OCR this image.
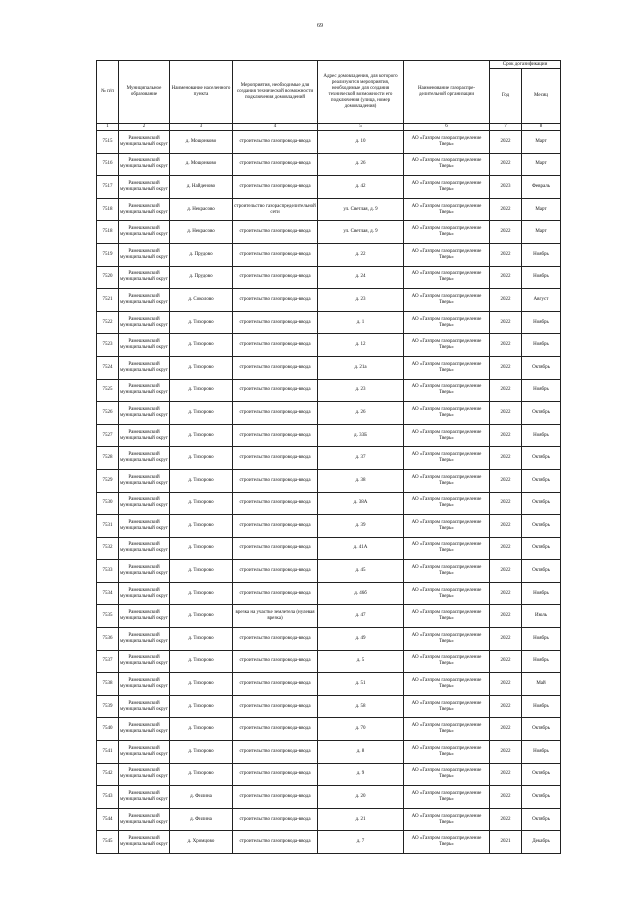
69
№ п/п	Муниципальное образование	Наименование населенного пункта	Мероприятия, необходимые для создания технической возможности подключения домовладений	Адрес домовладения, для которого реализуются мероприятия, необходимые для создания технической возможности его подключения (улица, номер домовладения)	Наименование газораспре-делительной организации	Срок догазификации	
						Год	Месяц
1	2	3	4	5	6	7	8
7515	Рамешковский муниципальный округ	д. Мощонково	строительство газопровода-ввода	д. 10	АО «Газпром газораспределение Тверь»	2022	Март
7516	Рамешковский муниципальный округ	д. Мощонково	строительство газопровода-ввода	д. 26	АО «Газпром газораспределение Тверь»	2022	Март
7517	Рамешковский муниципальный округ	д. Найденово	строительство газопровода-ввода	д. 42	АО «Газпром газораспределение Тверь»	2023	Февраль
7518	Рамешковский муниципальный округ	д. Некрасово	строительство газораспределительной сети	ул. Светлая, д. 9	АО «Газпром газораспределение Тверь»	2022	Март
7518	Рамешковский муниципальный округ	д. Некрасово	строительство газопровода-ввода	ул. Светлая, д. 9	АО «Газпром газораспределение Тверь»	2022	Март
7519	Рамешковский муниципальный округ	д. Прудово	строительство газопровода-ввода	д. 22	АО «Газпром газораспределение Тверь»	2022	Ноябрь
7520	Рамешковский муниципальный округ	д. Прудово	строительство газопровода-ввода	д. 24	АО «Газпром газораспределение Тверь»	2022	Ноябрь
7521	Рамешковский муниципальный округ	д. Соколово	строительство газопровода-ввода	д. 23	АО «Газпром газораспределение Тверь»	2022	Август
7522	Рамешковский муниципальный округ	д. Тихорово	строительство газопровода-ввода	д. 1	АО «Газпром газораспределение Тверь»	2022	Ноябрь
7523	Рамешковский муниципальный округ	д. Тихорово	строительство газопровода-ввода	д. 12	АО «Газпром газораспределение Тверь»	2022	Ноябрь
7524	Рамешковский муниципальный округ	д. Тихорово	строительство газопровода-ввода	д. 21а	АО «Газпром газораспределение Тверь»	2022	Октябрь
7525	Рамешковский муниципальный округ	д. Тихорово	строительство газопровода-ввода	д. 23	АО «Газпром газораспределение Тверь»	2022	Ноябрь
7526	Рамешковский муниципальный округ	д. Тихорово	строительство газопровода-ввода	д. 26	АО «Газпром газораспределение Тверь»	2022	Октябрь
7527	Рамешковский муниципальный округ	д. Тихорово	строительство газопровода-ввода	д. 33Б	АО «Газпром газораспределение Тверь»	2022	Ноябрь
7528	Рамешковский муниципальный округ	д. Тихорово	строительство газопровода-ввода	д. 37	АО «Газпром газораспределение Тверь»	2022	Октябрь
7529	Рамешковский муниципальный округ	д. Тихорово	строительство газопровода-ввода	д. 38	АО «Газпром газораспределение Тверь»	2022	Октябрь
7530	Рамешковский муниципальный округ	д. Тихорово	строительство газопровода-ввода	д. 38А	АО «Газпром газораспределение Тверь»	2022	Октябрь
7531	Рамешковский муниципальный округ	д. Тихорово	строительство газопровода-ввода	д. 39	АО «Газпром газораспределение Тверь»	2022	Октябрь
7532	Рамешковский муниципальный округ	д. Тихорово	строительство газопровода-ввода	д. 41А	АО «Газпром газораспределение Тверь»	2022	Октябрь
7533	Рамешковский муниципальный округ	д. Тихорово	строительство газопровода-ввода	д. 45	АО «Газпром газораспределение Тверь»	2022	Октябрь
7534	Рамешковский муниципальный округ	д. Тихорово	строительство газопровода-ввода	д. 46б	АО «Газпром газораспределение Тверь»	2022	Ноябрь
7535	Рамешковский муниципальный округ	д. Тихорово	врезка на участке землетела (нулевая врезка)	д. 47	АО «Газпром газораспределение Тверь»	2022	Июль
7536	Рамешковский муниципальный округ	д. Тихорово	строительство газопровода-ввода	д. 49	АО «Газпром газораспределение Тверь»	2022	Ноябрь
7537	Рамешковский муниципальный округ	д. Тихорово	строительство газопровода-ввода	д. 5	АО «Газпром газораспределение Тверь»	2022	Ноябрь
7538	Рамешковский муниципальный округ	д. Тихорово	строительство газопровода-ввода	д. 51	АО «Газпром газораспределение Тверь»	2022	Май
7539	Рамешковский муниципальный округ	д. Тихорово	строительство газопровода-ввода	д. 58	АО «Газпром газораспределение Тверь»	2022	Ноябрь
7540	Рамешковский муниципальный округ	д. Тихорово	строительство газопровода-ввода	д. 70	АО «Газпром газораспределение Тверь»	2022	Октябрь
7541	Рамешковский муниципальный округ	д. Тихорово	строительство газопровода-ввода	д. 8	АО «Газпром газораспределение Тверь»	2022	Ноябрь
7542	Рамешковский муниципальный округ	д. Тихорово	строительство газопровода-ввода	д. 9	АО «Газпром газораспределение Тверь»	2022	Октябрь
7543	Рамешковский муниципальный округ	д. Филина	строительство газопровода-ввода	д. 20	АО «Газпром газораспределение Тверь»	2022	Октябрь
7544	Рамешковский муниципальный округ	д. Филина	строительство газопровода-ввода	д. 21	АО «Газпром газораспределение Тверь»	2022	Октябрь
7545	Рамешковский муниципальный округ	д. Хромцово	строительство газопровода-ввода	д. 7	АО «Газпром газораспределение Тверь»	2021	Декабрь
